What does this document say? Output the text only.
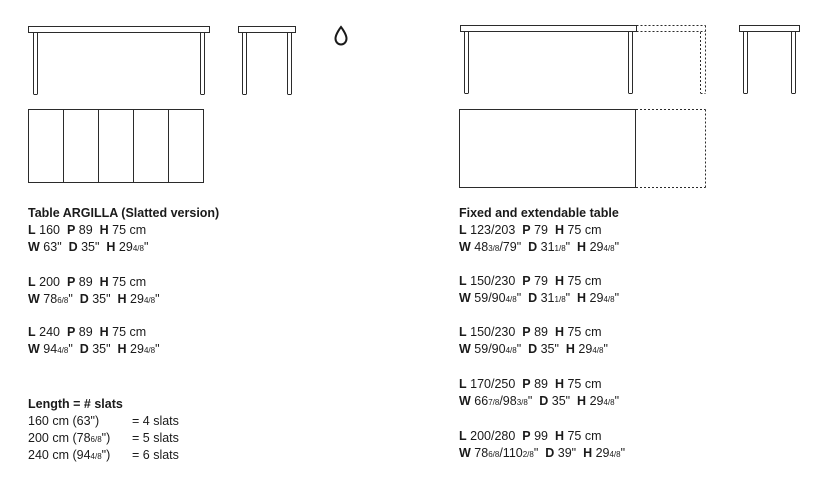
Table ARGILLA (Slatted version)
L 160 P 89 H 75 cm
W 63" D 35" H 294/8"
L 200 P 89 H 75 cm
W 786/8" D 35" H 294/8"
L 240 P 89 H 75 cm
W 944/8" D 35" H 294/8"
Length = # slats
160 cm (63")	= 4 slats
200 cm (786/8") = 5 slats
240 cm (944/8") = 6 slats
Fixed and extendable table
L 123/203 P 79 H 75 cm
W 483/8/79" D 311/8" H 294/8"
L 150/230 P 79 H 75 cm
W 59/904/8" D 311/8" H 294/8"
L 150/230 P 89 H 75 cm
W 59/904/8" D 35" H 294/8"
L 170/250 P 89 H 75 cm
W 667/8/983/8" D 35" H 294/8"
L 200/280 P 99 H 75 cm
W 786/8/1102/8" D 39" H 294/8"
